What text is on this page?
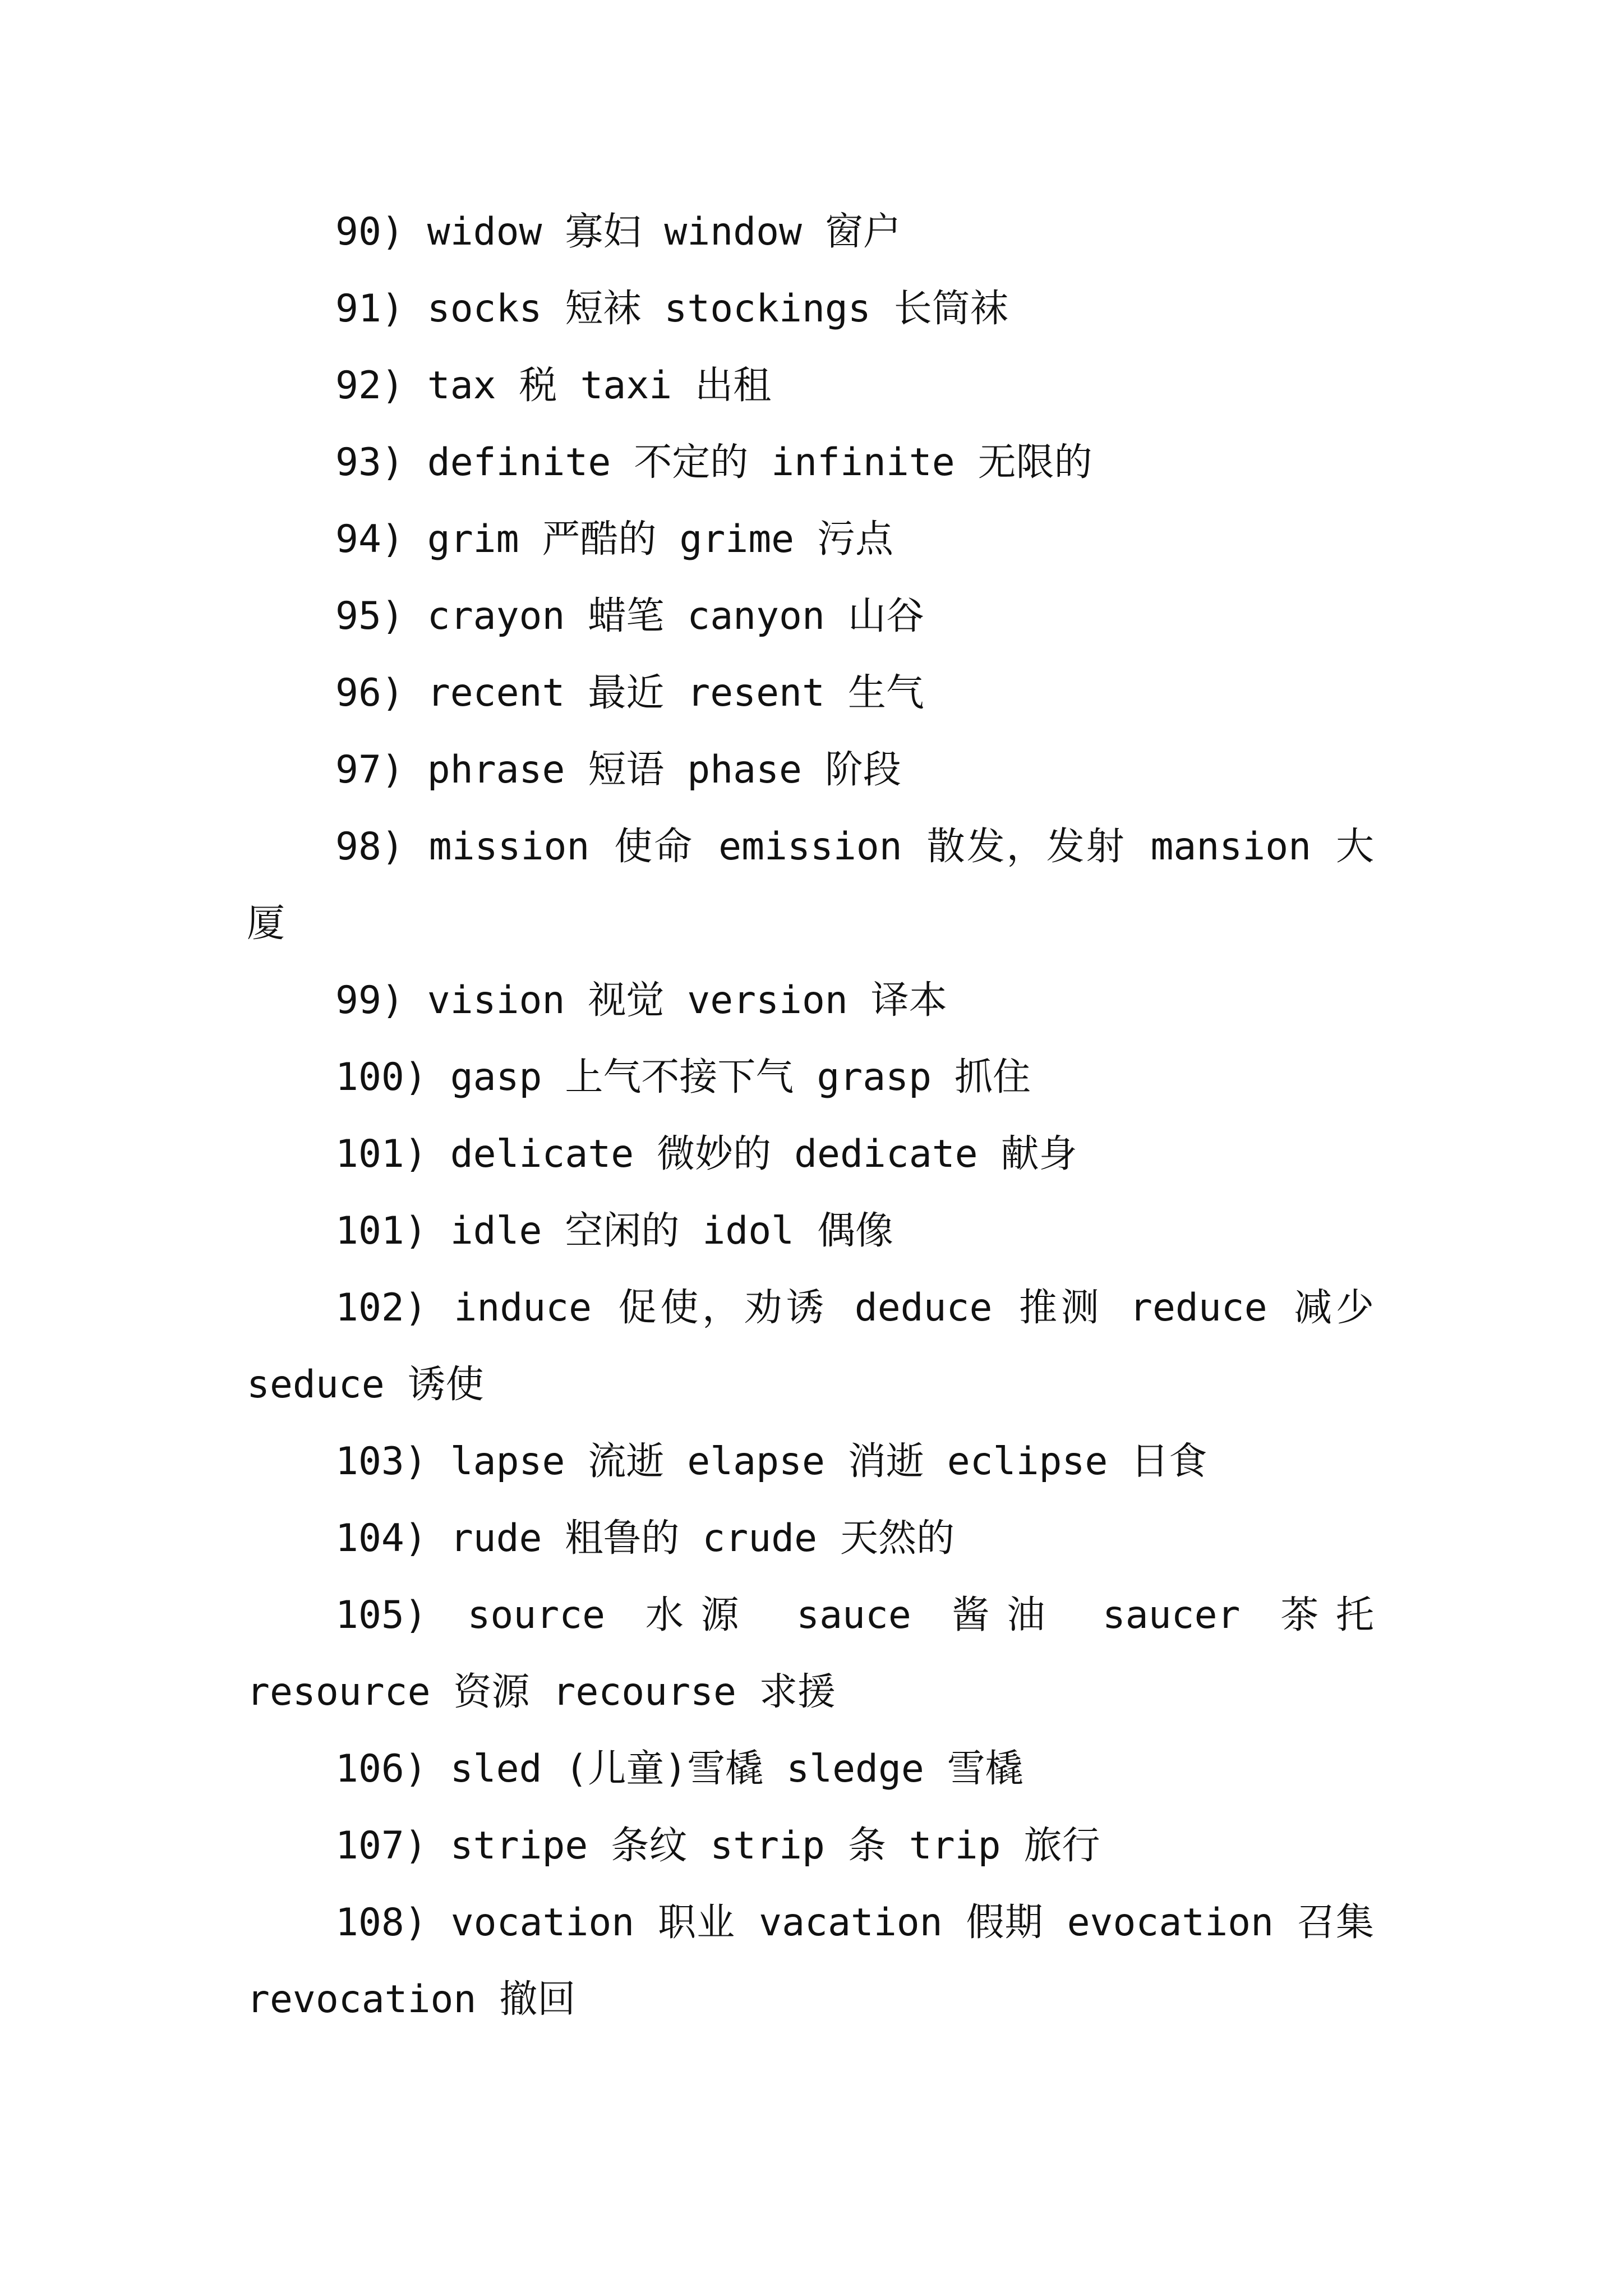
90) widow 寡妇 window 窗户

91) socks 短袜 stockings 长筒袜

92) tax 税 taxi 出租

93) definite 不定的 infinite 无限的

94) grim 严酷的 grime 污点

95) crayon 蜡笔 canyon 山谷

96) recent 最近 resent 生气

97) phrase 短语 phase 阶段

98) mission 使命 emission 散发，发射 mansion 大厦

99) vision 视觉 version 译本

100) gasp 上气不接下气 grasp 抓住

101) delicate 微妙的 dedicate 献身

101) idle 空闲的 idol 偶像

102) induce 促使，劝诱 deduce 推测 reduce 减少 seduce 诱使

103) lapse 流逝 elapse 消逝 eclipse 日食

104) rude 粗鲁的 crude 天然的

105) source 水源 sauce 酱油 saucer 茶托 resource 资源 recourse 求援

106) sled (儿童)雪橇 sledge 雪橇

107) stripe 条纹 strip 条 trip 旅行

108) vocation 职业 vacation 假期 evocation 召集 revocation 撤回
